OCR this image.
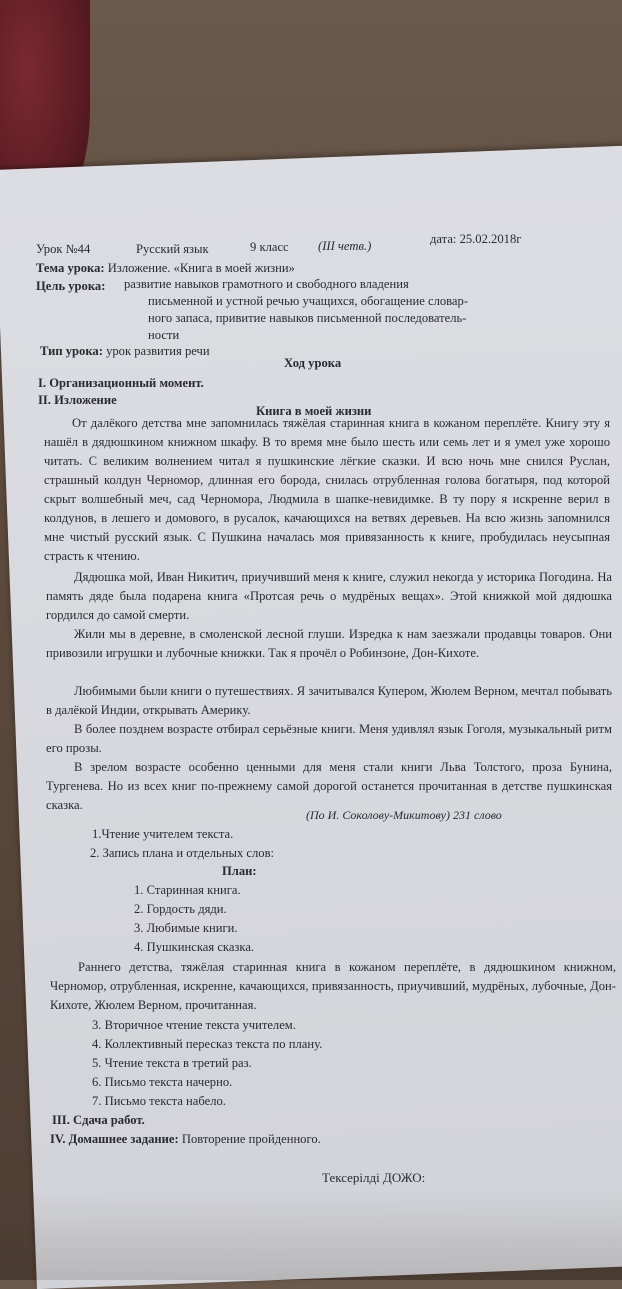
Урок №44	Русский язык	9 класс (III четв.)	дата: 25.02.2018г
Тема урока: Изложение. «Книга в моей жизни»
Цель урока: развитие навыков грамотного и свободного владения
письменной и устной речью учащихся, обогащение словар-
ного запаса, привитие навыков письменной последователь-
ности
Тип урока: урок развития речи
Ход урока
I. Организационный момент.
II. Изложение
Книга в моей жизни
От далёкого детства мне запомнилась тяжёлая старинная книга в кожаном переплёте. Книгу эту я нашёл в дядюшкином книжном шкафу. В то время мне было шесть или семь лет и я умел уже хорошо читать. С великим волнением читал я пушкинские лёгкие сказки. И всю ночь мне снился Руслан, страшный колдун Черномор, длинная его борода, снилась отрубленная голова богатыря, под которой скрыт волшебный меч, сад Черномора, Людмила в шапке-невидимке. В ту пору я искренне верил в колдунов, в лешего и домового, в русалок, качающихся на ветвях деревьев. На всю жизнь запомнился мне чистый русский язык. С Пушкина началась моя привязанность к книге, пробудилась неусыпная страсть к чтению.
Дядюшка мой, Иван Никитич, приучивший меня к книге, служил некогда у историка Погодина. На память дяде была подарена книга «Протсая речь о мудрёных вещах». Этой книжкой мой дядюшка гордился до самой смерти.
Жили мы в деревне, в смоленской лесной глуши. Изредка к нам заезжали продавцы товаров. Они привозили игрушки и лубочные книжки. Так я прочёл о Робинзоне, Дон-Кихоте.
Любимыми были книги о путешествиях. Я зачитывался Купером, Жюлем Верном, мечтал побывать в далёкой Индии, открывать Америку.
В более позднем возрасте отбирал серьёзные книги. Меня удивлял язык Гоголя, музыкальный ритм его прозы.
В зрелом возрасте особенно ценными для меня стали книги Льва Толстого, проза Бунина, Тургенева. Но из всех книг по-прежнему самой дорогой останется прочитанная в детстве пушкинская сказка.
(По И. Соколову-Микитову) 231 слово
1.Чтение учителем текста.
2. Запись плана и отдельных слов:
План:
1. Старинная книга.
2. Гордость дяди.
3. Любимые книги.
4. Пушкинская сказка.
Раннего детства, тяжёлая старинная книга в кожаном переплёте, в дядюшкином книжном, Черномор, отрубленная, искренне, качающихся, привязанность, приучивший, мудрёных, лубочные, Дон-Кихоте, Жюлем Верном, прочитанная.
3. Вторичное чтение текста учителем.
4. Коллективный пересказ текста по плану.
5. Чтение текста в третий раз.
6. Письмо текста начерно.
7. Письмо текста набело.
III. Сдача работ.
IV. Домашнее задание: Повторение пройденного.
Тексерілді ДОЖО:
